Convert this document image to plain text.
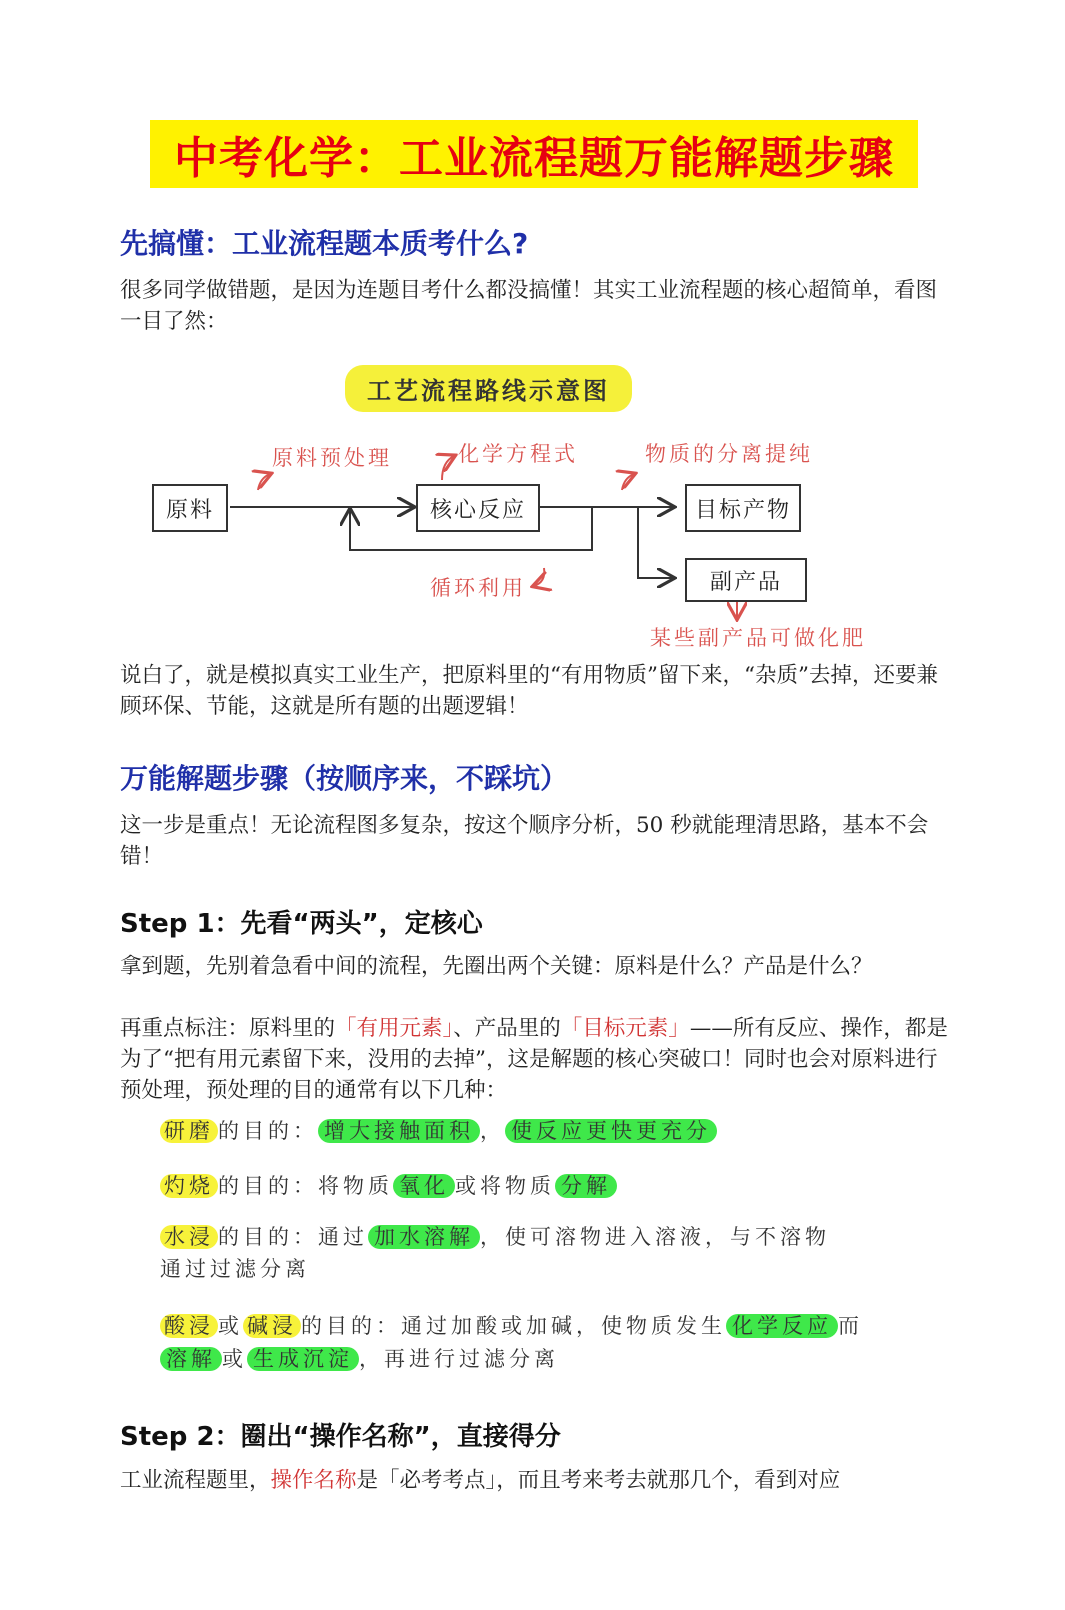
中考化学：工业流程题万能解题步骤
先搞懂：工业流程题本质考什么?
很多同学做错题，是因为连题目考什么都没搞懂！其实工业流程题的核心超简单，看图一目了然：
工艺流程路线示意图
原料	核心反应	目标产物
副产品
原料预处理	化学方程式	物质的分离提纯
循环利用
某些副产品可做化肥
说白了，就是模拟真实工业生产，把原料里的“有用物质”留下来，“杂质”去掉，还要兼顾环保、节能，这就是所有题的出题逻辑！
万能解题步骤（按顺序来，不踩坑）
这一步是重点！无论流程图多复杂，按这个顺序分析，50 秒就能理清思路，基本不会错！
Step 1：先看“两头”，定核心
拿到题，先别着急看中间的流程，先圈出两个关键：原料是什么？产品是什么？
再重点标注：原料里的「有用元素」、产品里的「目标元素」——所有反应、操作，都是为了“把有用元素留下来，没用的去掉”，这是解题的核心突破口！同时也会对原料进行预处理，预处理的目的通常有以下几种：
研磨 的目的： 增大接触面积 ， 使反应更快更充分
灼烧 的目的：将物质 氧化 或将物质 分解
水浸 的目的：通过 加水溶解 ，使可溶物进入溶液，与不溶物
通过过滤分离
酸浸 或 碱浸 的目的：通过加酸或加碱，使物质发生 化学反应 而
溶解 或 生成沉淀 ，再进行过滤分离
Step 2：圈出“操作名称”，直接得分
工业流程题里，操作名称是「必考考点」，而且考来考去就那几个，看到对应
